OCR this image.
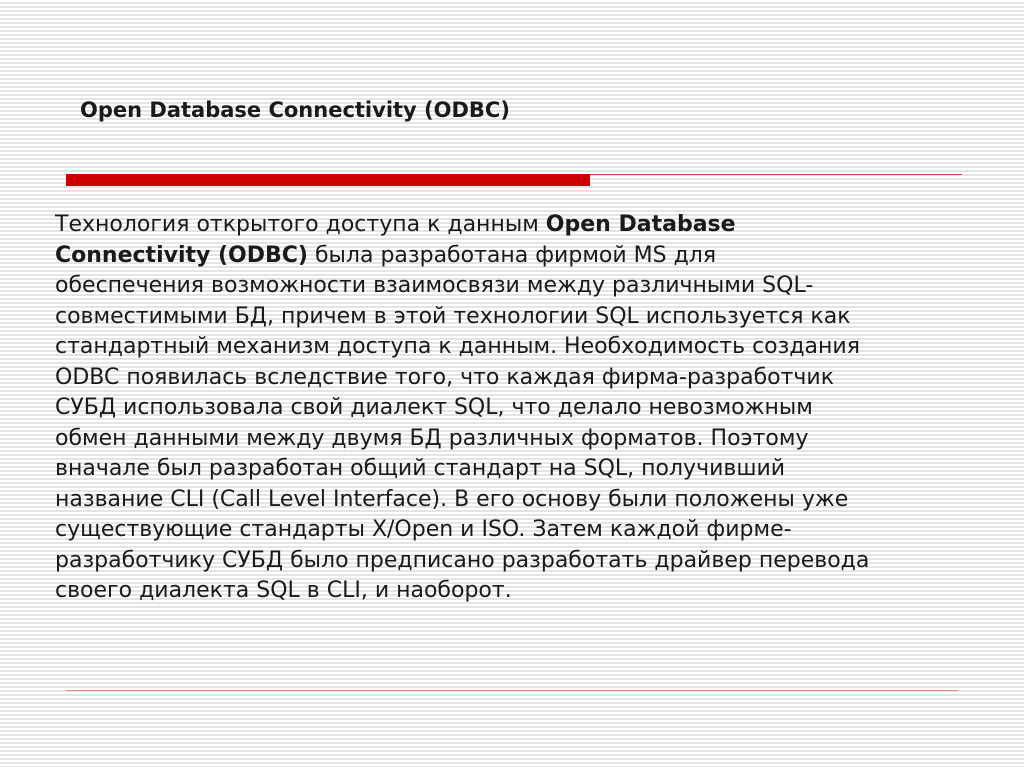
Open Database Connectivity (ODBC)

Технология открытого доступа к данным Open Database
Connectivity (ODBC) была разработана фирмой MS для
обеспечения возможности взаимосвязи между различными SQL-
совместимыми БД, причем в этой технологии SQL используется как
стандартный механизм доступа к данным. Необходимость создания
ODBC появилась вследствие того, что каждая фирма-разработчик
СУБД использовала свой диалект SQL, что делало невозможным
обмен данными между двумя БД различных форматов. Поэтому
вначале был разработан общий стандарт на SQL, получивший
название CLI (Call Level Interface). В его основу были положены уже
существующие стандарты X/Open и ISO. Затем каждой фирме-
разработчику СУБД было предписано разработать драйвер перевода
своего диалекта SQL в CLI, и наоборот.
